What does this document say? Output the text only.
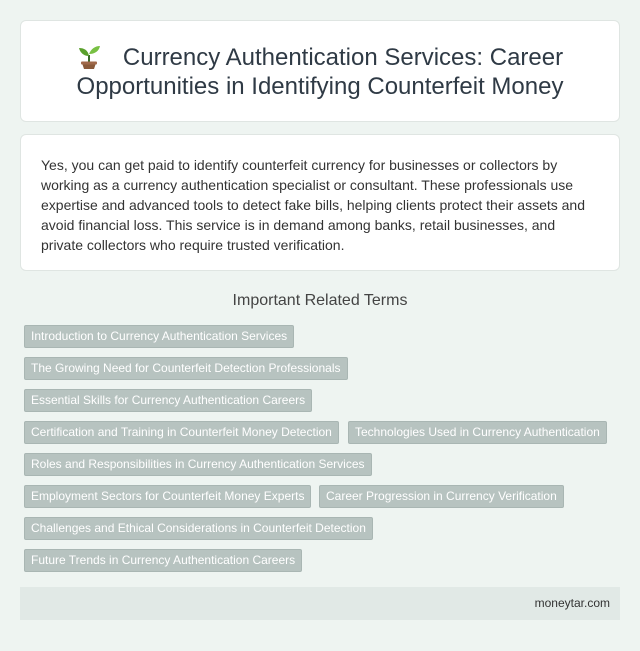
Currency Authentication Services: Career
Opportunities in Identifying Counterfeit Money

Yes, you can get paid to identify counterfeit currency for businesses or collectors by working as a currency authentication specialist or consultant. These professionals use expertise and advanced tools to detect fake bills, helping clients protect their assets and avoid financial loss. This service is in demand among banks, retail businesses, and private collectors who require trusted verification.

Important Related Terms
Introduction to Currency Authentication Services
The Growing Need for Counterfeit Detection Professionals
Essential Skills for Currency Authentication Careers
Certification and Training in Counterfeit Money Detection	Technologies Used in Currency Authentication
Roles and Responsibilities in Currency Authentication Services
Employment Sectors for Counterfeit Money Experts	Career Progression in Currency Verification
Challenges and Ethical Considerations in Counterfeit Detection
Future Trends in Currency Authentication Careers
moneytar.com
